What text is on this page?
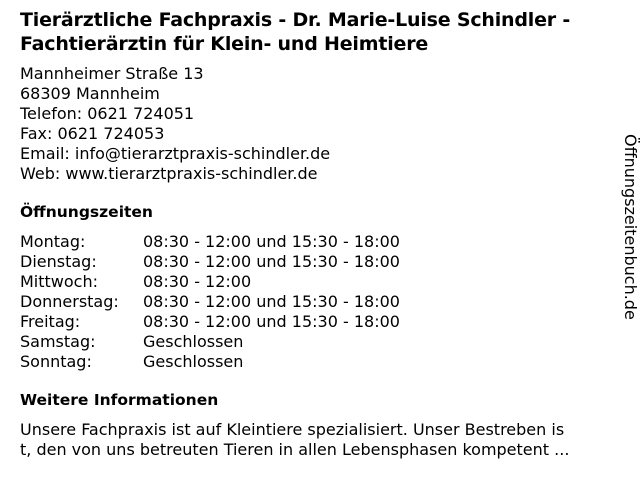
Tierärztliche Fachpraxis - Dr. Marie-Luise Schindler - Fachtierärztin für Klein- und Heimtiere
Mannheimer Straße 13
68309 Mannheim
Telefon: 0621 724051
Fax: 0621 724053
Email: info@tierarztpraxis-schindler.de
Web: www.tierarztpraxis-schindler.de
Öffnungszeiten
Montag:	08:30 - 12:00 und 15:30 - 18:00
Dienstag:	08:30 - 12:00 und 15:30 - 18:00
Mittwoch:	08:30 - 12:00
Donnerstag:	08:30 - 12:00 und 15:30 - 18:00
Freitag:	08:30 - 12:00 und 15:30 - 18:00
Samstag:	Geschlossen
Sonntag:	Geschlossen
Weitere Informationen
Unsere Fachpraxis ist auf Kleintiere spezialisiert. Unser Bestreben is
t, den von uns betreuten Tieren in allen Lebensphasen kompetent ...
Öffnungszeitenbuch.de
